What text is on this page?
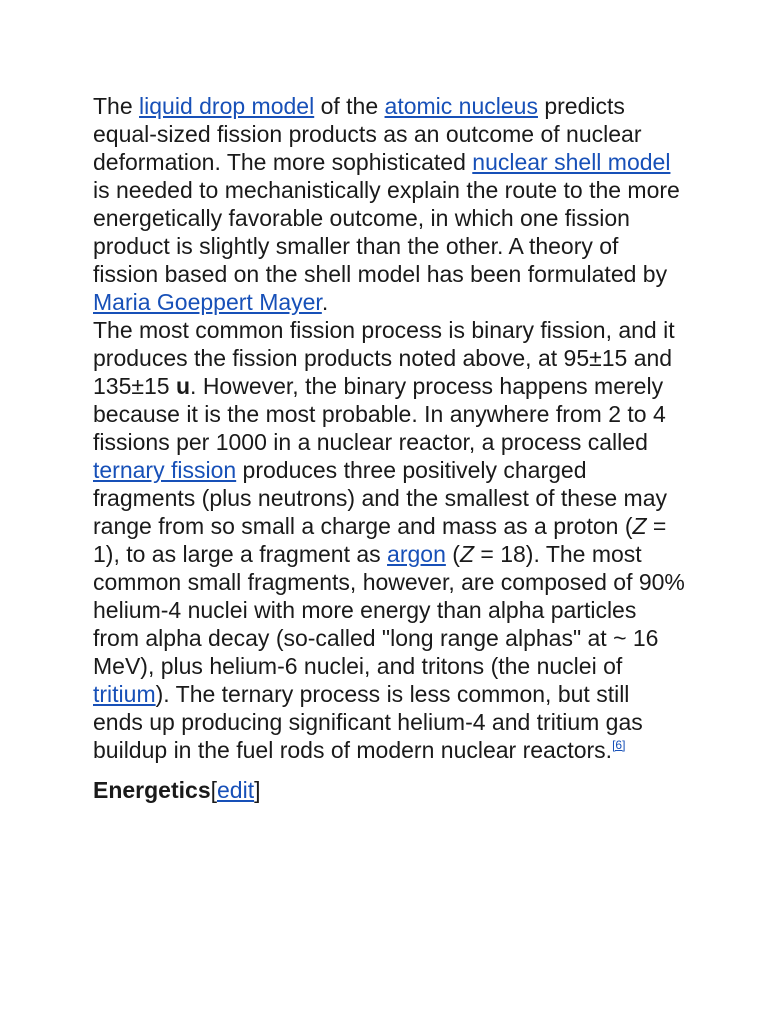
The liquid drop model of the atomic nucleus predicts equal-sized fission products as an outcome of nuclear deformation. The more sophisticated nuclear shell model is needed to mechanistically explain the route to the more energetically favorable outcome, in which one fission product is slightly smaller than the other. A theory of fission based on the shell model has been formulated by Maria Goeppert Mayer.

The most common fission process is binary fission, and it produces the fission products noted above, at 95±15 and 135±15 u. However, the binary process happens merely because it is the most probable. In anywhere from 2 to 4 fissions per 1000 in a nuclear reactor, a process called ternary fission produces three positively charged fragments (plus neutrons) and the smallest of these may range from so small a charge and mass as a proton (Z = 1), to as large a fragment as argon (Z = 18). The most common small fragments, however, are composed of 90% helium-4 nuclei with more energy than alpha particles from alpha decay (so-called "long range alphas" at ~ 16 MeV), plus helium-6 nuclei, and tritons (the nuclei of tritium). The ternary process is less common, but still ends up producing significant helium-4 and tritium gas buildup in the fuel rods of modern nuclear reactors.[6]

Energetics[edit]
